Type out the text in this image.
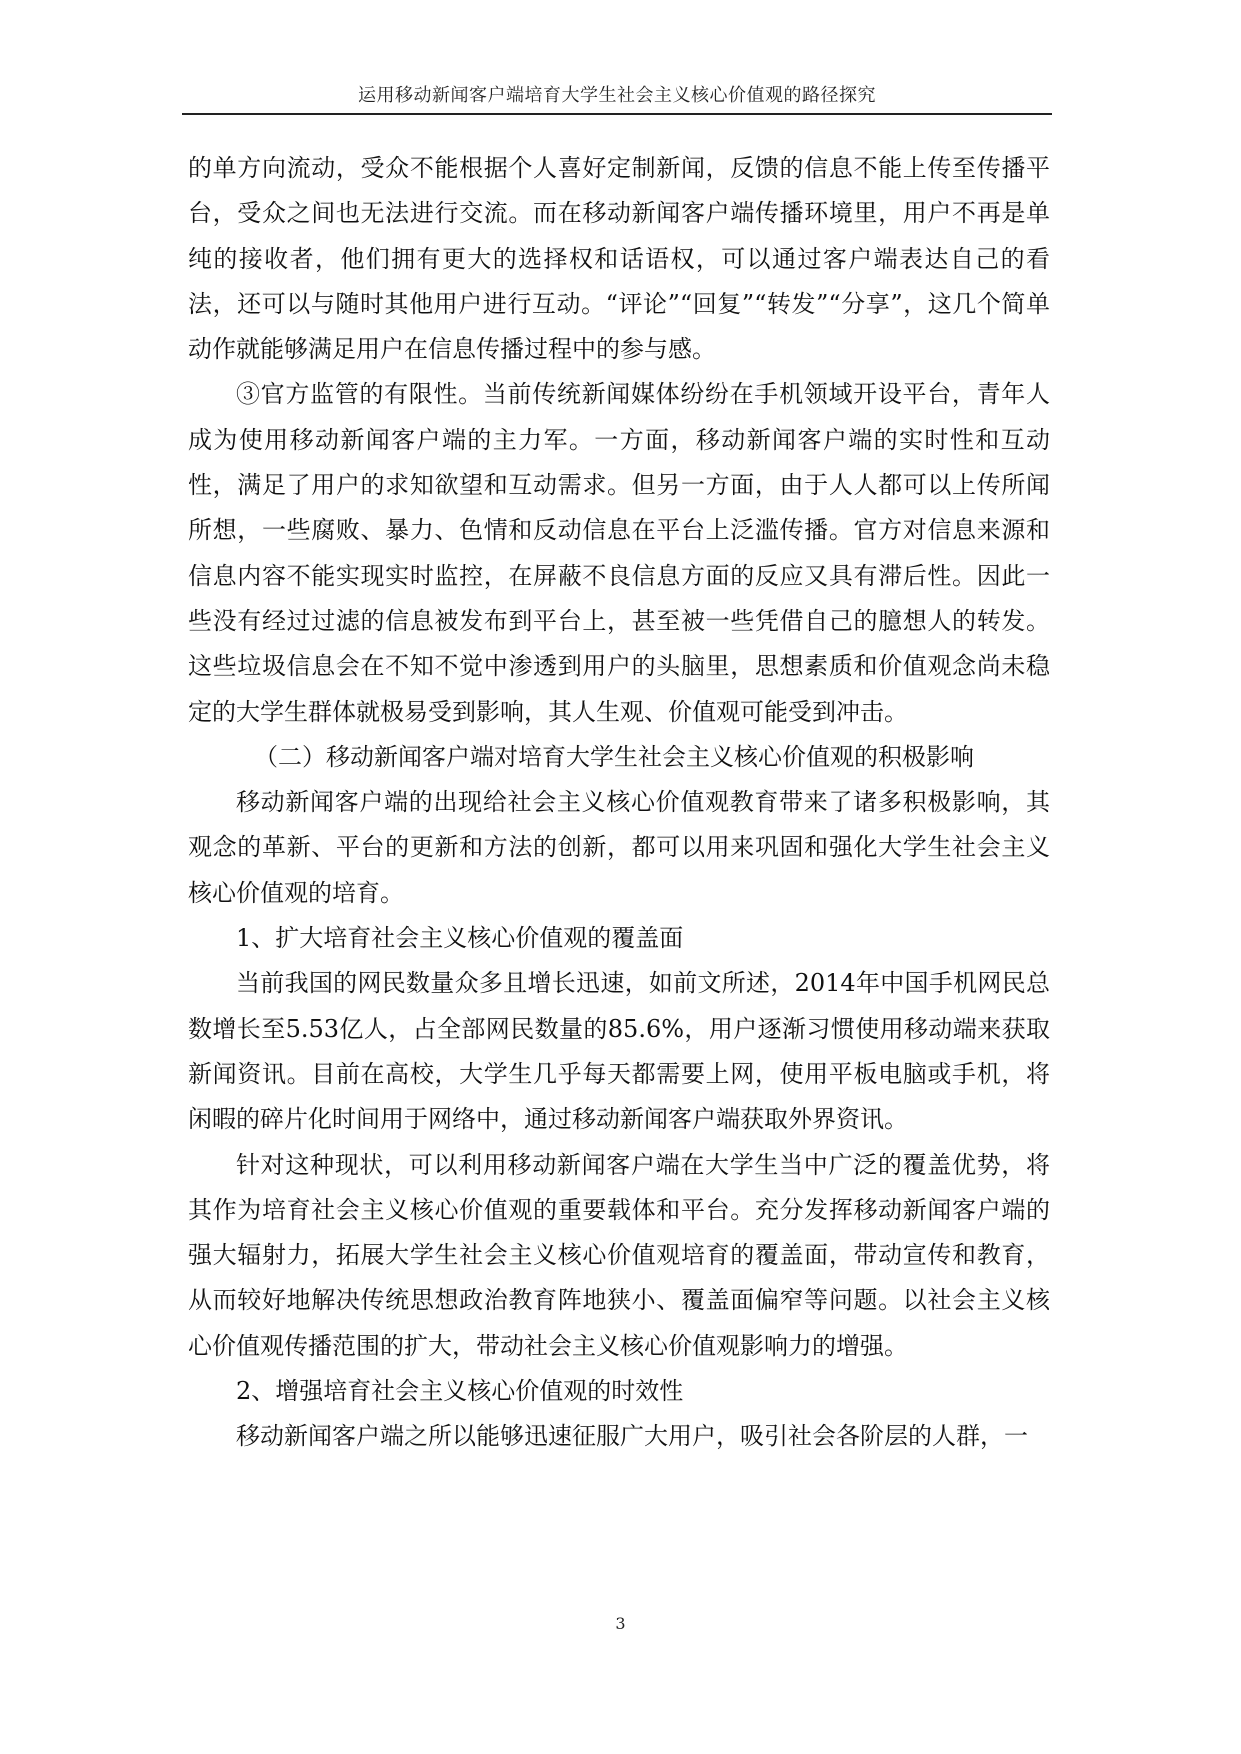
运用移动新闻客户端培育大学生社会主义核心价值观的路径探究

的单方向流动，受众不能根据个人喜好定制新闻，反馈的信息不能上传至传播平台，受众之间也无法进行交流。而在移动新闻客户端传播环境里，用户不再是单纯的接收者，他们拥有更大的选择权和话语权，可以通过客户端表达自己的看法，还可以与随时其他用户进行互动。“评论”“回复”“转发”“分享”，这几个简单动作就能够满足用户在信息传播过程中的参与感。

③官方监管的有限性。当前传统新闻媒体纷纷在手机领域开设平台，青年人成为使用移动新闻客户端的主力军。一方面，移动新闻客户端的实时性和互动性，满足了用户的求知欲望和互动需求。但另一方面，由于人人都可以上传所闻所想，一些腐败、暴力、色情和反动信息在平台上泛滥传播。官方对信息来源和信息内容不能实现实时监控，在屏蔽不良信息方面的反应又具有滞后性。因此一些没有经过过滤的信息被发布到平台上，甚至被一些凭借自己的臆想人的转发。这些垃圾信息会在不知不觉中渗透到用户的头脑里，思想素质和价值观念尚未稳定的大学生群体就极易受到影响，其人生观、价值观可能受到冲击。

（二）移动新闻客户端对培育大学生社会主义核心价值观的积极影响

移动新闻客户端的出现给社会主义核心价值观教育带来了诸多积极影响，其观念的革新、平台的更新和方法的创新，都可以用来巩固和强化大学生社会主义核心价值观的培育。

1、扩大培育社会主义核心价值观的覆盖面

当前我国的网民数量众多且增长迅速，如前文所述，2014年中国手机网民总数增长至5.53亿人，占全部网民数量的85.6%，用户逐渐习惯使用移动端来获取新闻资讯。目前在高校，大学生几乎每天都需要上网，使用平板电脑或手机，将闲暇的碎片化时间用于网络中，通过移动新闻客户端获取外界资讯。

针对这种现状，可以利用移动新闻客户端在大学生当中广泛的覆盖优势，将其作为培育社会主义核心价值观的重要载体和平台。充分发挥移动新闻客户端的强大辐射力，拓展大学生社会主义核心价值观培育的覆盖面，带动宣传和教育，从而较好地解决传统思想政治教育阵地狭小、覆盖面偏窄等问题。以社会主义核心价值观传播范围的扩大，带动社会主义核心价值观影响力的增强。

2、增强培育社会主义核心价值观的时效性

移动新闻客户端之所以能够迅速征服广大用户，吸引社会各阶层的人群，一

3
